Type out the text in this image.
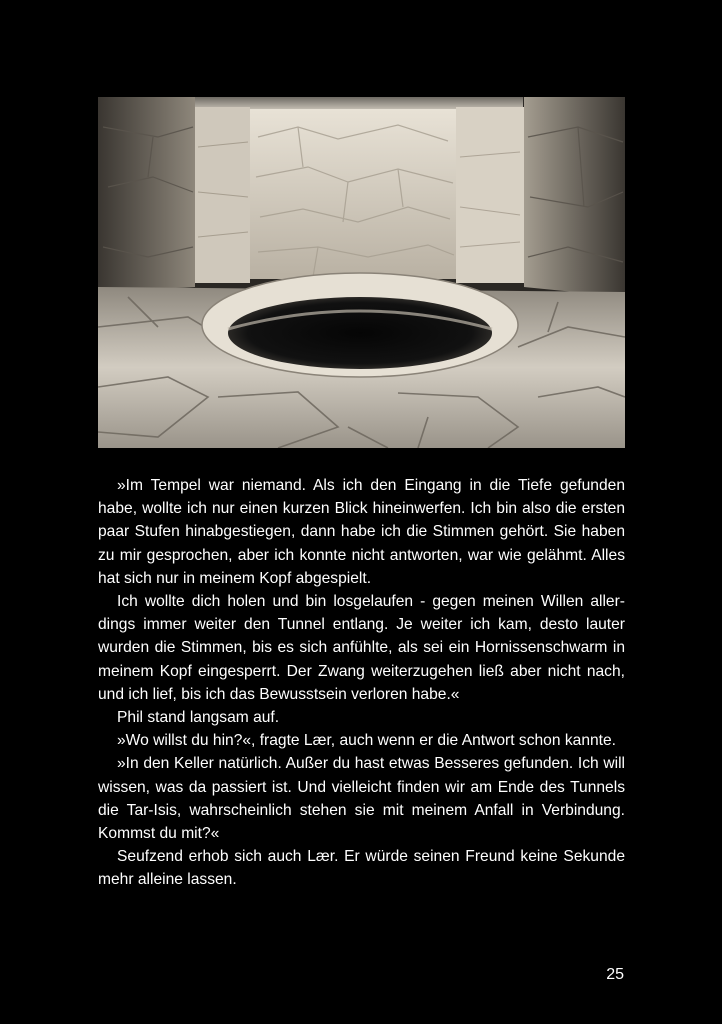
»Im Tempel war niemand. Als ich den Eingang in die Tiefe gefunden habe, wollte ich nur einen kurzen Blick hineinwerfen. Ich bin also die ersten paar Stufen hinabgestiegen, dann habe ich die Stimmen gehört. Sie haben zu mir gesprochen, aber ich konnte nicht antworten, war wie gelähmt. Alles hat sich nur in meinem Kopf abgespielt.

Ich wollte dich holen und bin losgelaufen - gegen meinen Willen allerdings immer weiter den Tunnel entlang. Je weiter ich kam, desto lauter wurden die Stimmen, bis es sich anfühlte, als sei ein Hornissenschwarm in meinem Kopf eingesperrt. Der Zwang weiterzugehen ließ aber nicht nach, und ich lief, bis ich das Bewusstsein verloren habe.«

Phil stand langsam auf.

»Wo willst du hin?«, fragte Lær, auch wenn er die Antwort schon kannte.

»In den Keller natürlich. Außer du hast etwas Besseres gefunden. Ich will wissen, was da passiert ist. Und vielleicht finden wir am Ende des Tunnels die Tar-Isis, wahrscheinlich stehen sie mit meinem Anfall in Verbindung. Kommst du mit?«

Seufzend erhob sich auch Lær. Er würde seinen Freund keine Sekunde mehr alleine lassen.

25
